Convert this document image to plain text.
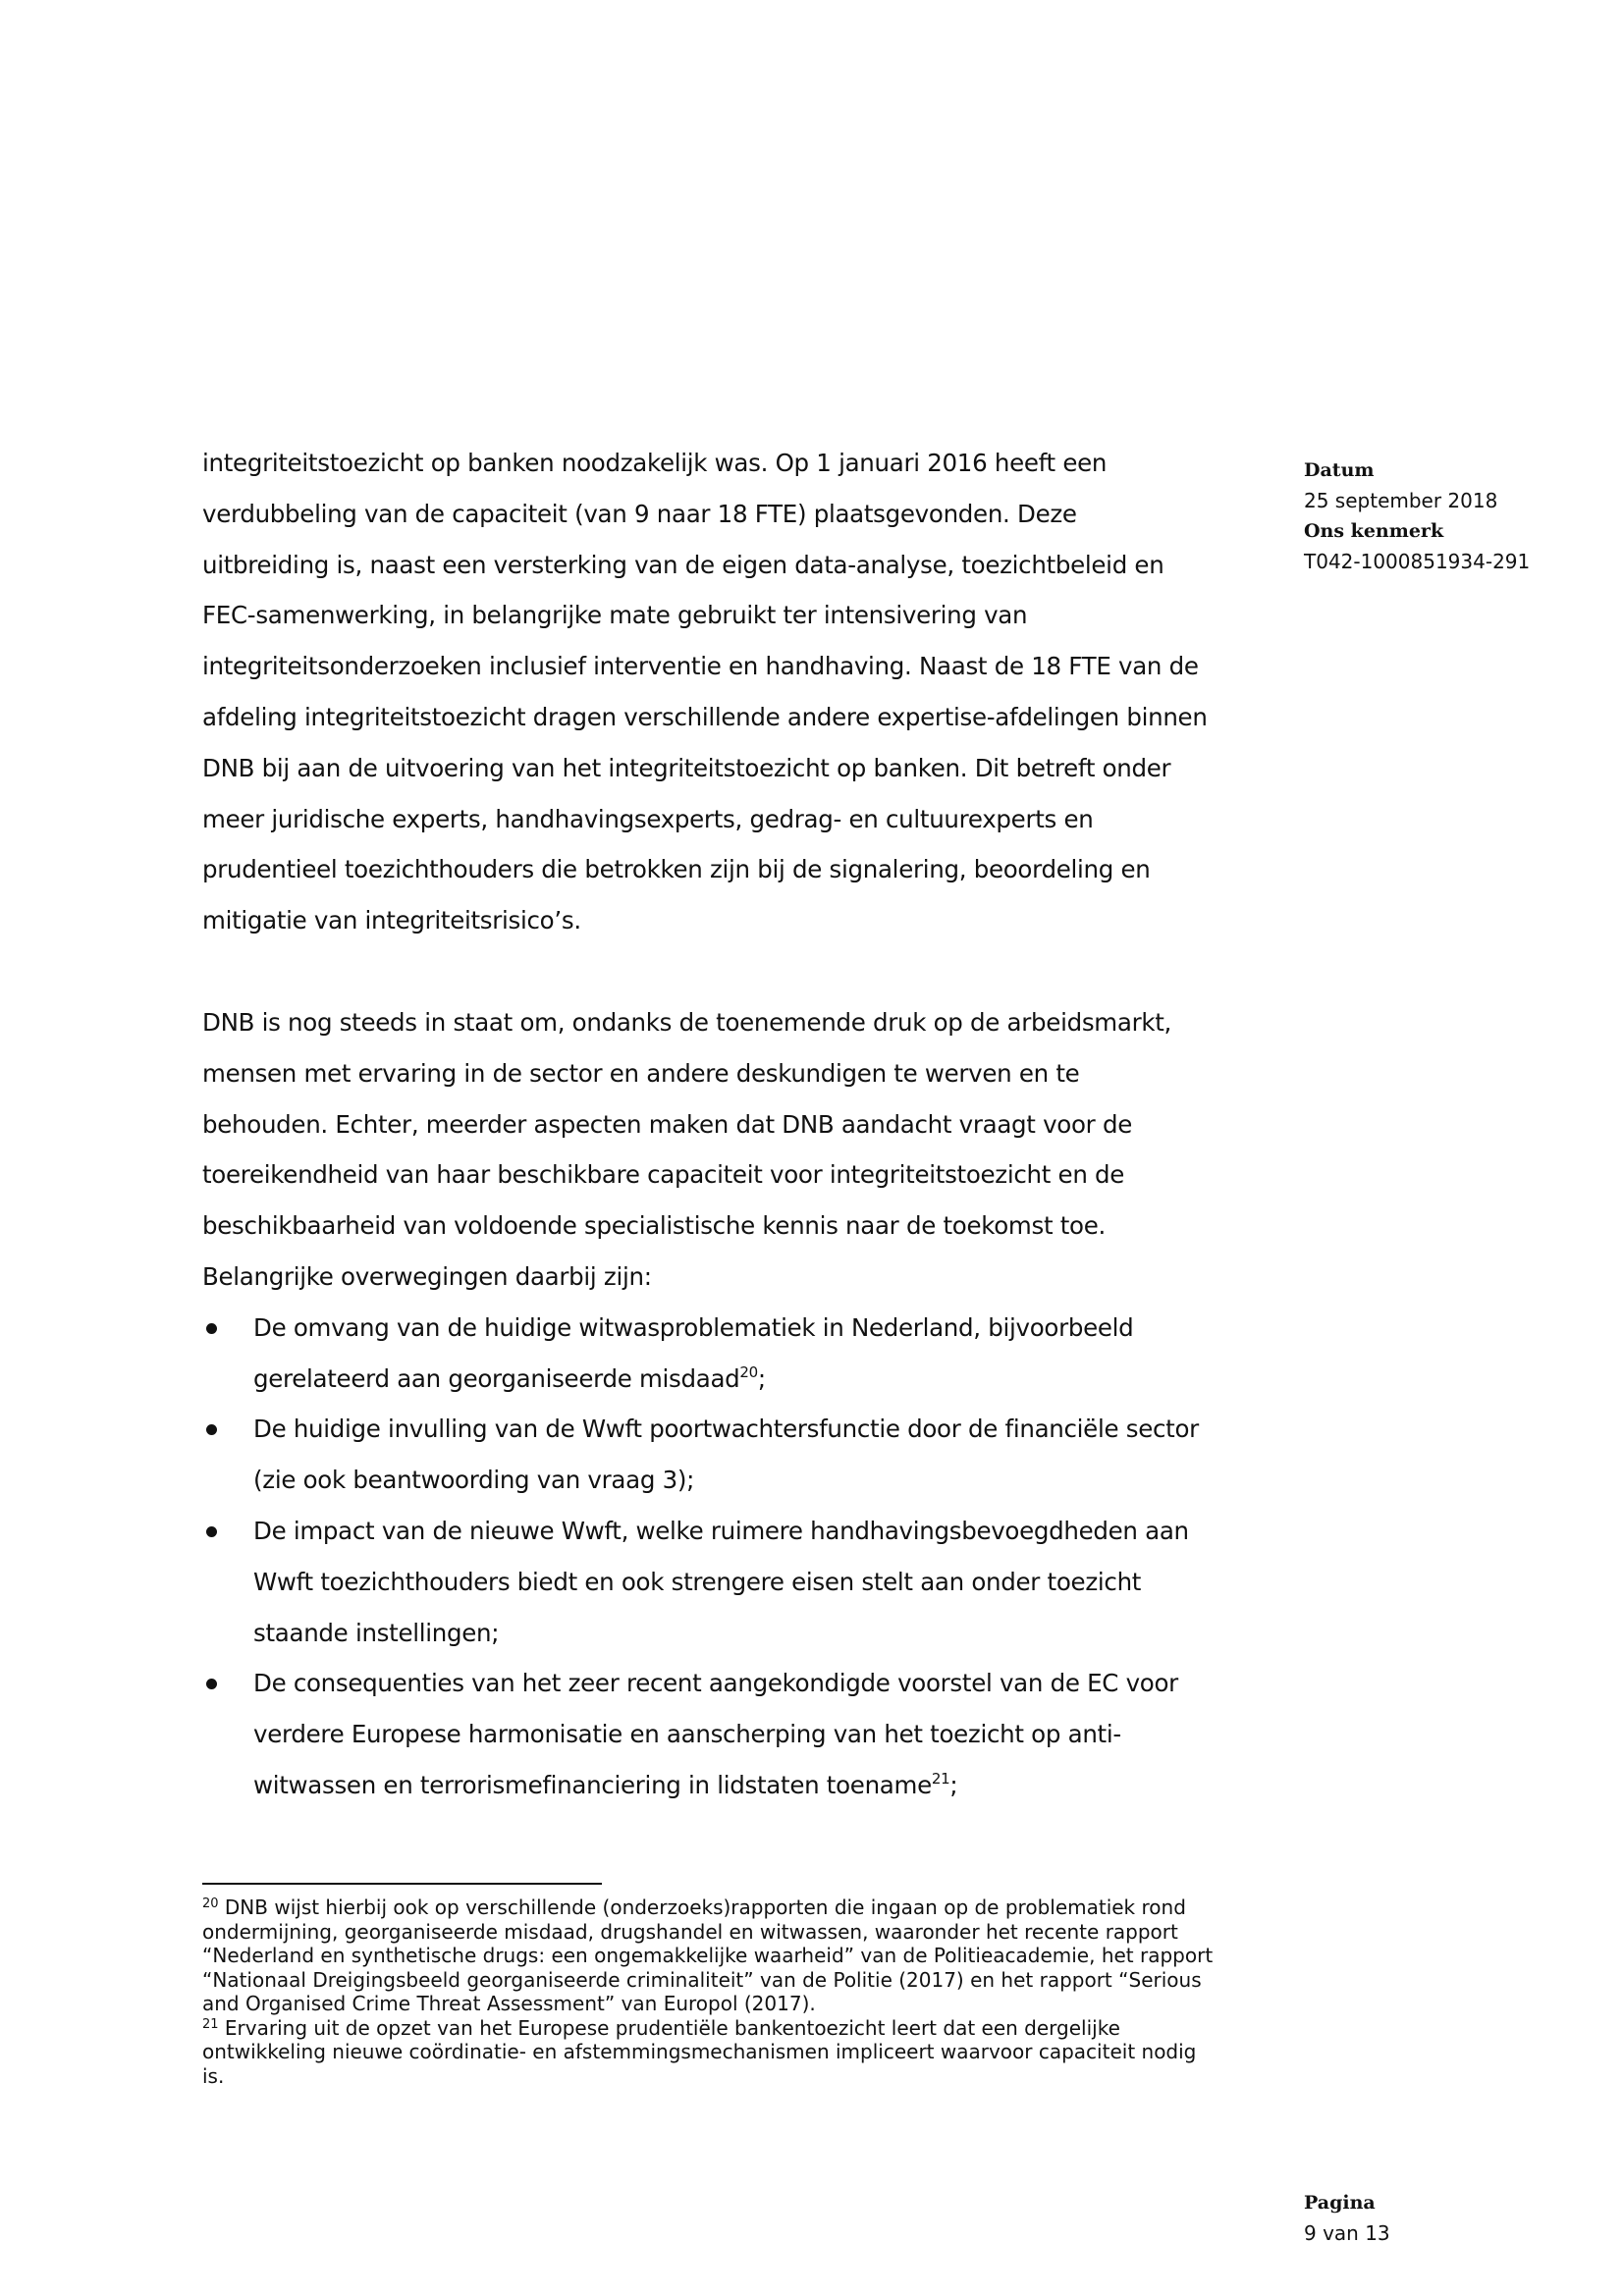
integriteitstoezicht op banken noodzakelijk was. Op 1 januari 2016 heeft een verdubbeling van de capaciteit (van 9 naar 18 FTE) plaatsgevonden. Deze uitbreiding is, naast een versterking van de eigen data-analyse, toezichtbeleid en FEC-samenwerking, in belangrijke mate gebruikt ter intensivering van integriteitsonderzoeken inclusief interventie en handhaving. Naast de 18 FTE van de afdeling integriteitstoezicht dragen verschillende andere expertise-afdelingen binnen DNB bij aan de uitvoering van het integriteitstoezicht op banken. Dit betreft onder meer juridische experts, handhavingsexperts, gedrag- en cultuurexperts en prudentieel toezichthouders die betrokken zijn bij de signalering, beoordeling en mitigatie van integriteitsrisico’s.

DNB is nog steeds in staat om, ondanks de toenemende druk op de arbeidsmarkt, mensen met ervaring in de sector en andere deskundigen te werven en te behouden. Echter, meerder aspecten maken dat DNB aandacht vraagt voor de toereikendheid van haar beschikbare capaciteit voor integriteitstoezicht en de beschikbaarheid van voldoende specialistische kennis naar de toekomst toe. Belangrijke overwegingen daarbij zijn:

De omvang van de huidige witwasproblematiek in Nederland, bijvoorbeeld gerelateerd aan georganiseerde misdaad$^{20}$;
De huidige invulling van de Wwft poortwachtersfunctie door de financiële sector (zie ook beantwoording van vraag 3);
De impact van de nieuwe Wwft, welke ruimere handhavingsbevoegdheden aan Wwft toezichthouders biedt en ook strengere eisen stelt aan onder toezicht staande instellingen;
De consequenties van het zeer recent aangekondigde voorstel van de EC voor verdere Europese harmonisatie en aanscherping van het toezicht op anti-witwassen en terrorismefinanciering in lidstaten toename$^{21}$;
Datum
25 september 2018
Ons kenmerk
T042-1000851934-291

$^{20}$ DNB wijst hierbij ook op verschillende (onderzoeks)rapporten die ingaan op de problematiek rond ondermijning, georganiseerde misdaad, drugshandel en witwassen, waaronder het recente rapport “Nederland en synthetische drugs: een ongemakkelijke waarheid” van de Politieacademie, het rapport “Nationaal Dreigingsbeeld georganiseerde criminaliteit” van de Politie (2017) en het rapport “Serious and Organised Crime Threat Assessment” van Europol (2017).

$^{21}$ Ervaring uit de opzet van het Europese prudentiële bankentoezicht leert dat een dergelijke ontwikkeling nieuwe coördinatie- en afstemmingsmechanismen impliceert waarvoor capaciteit nodig is.

Pagina
9 van 13
